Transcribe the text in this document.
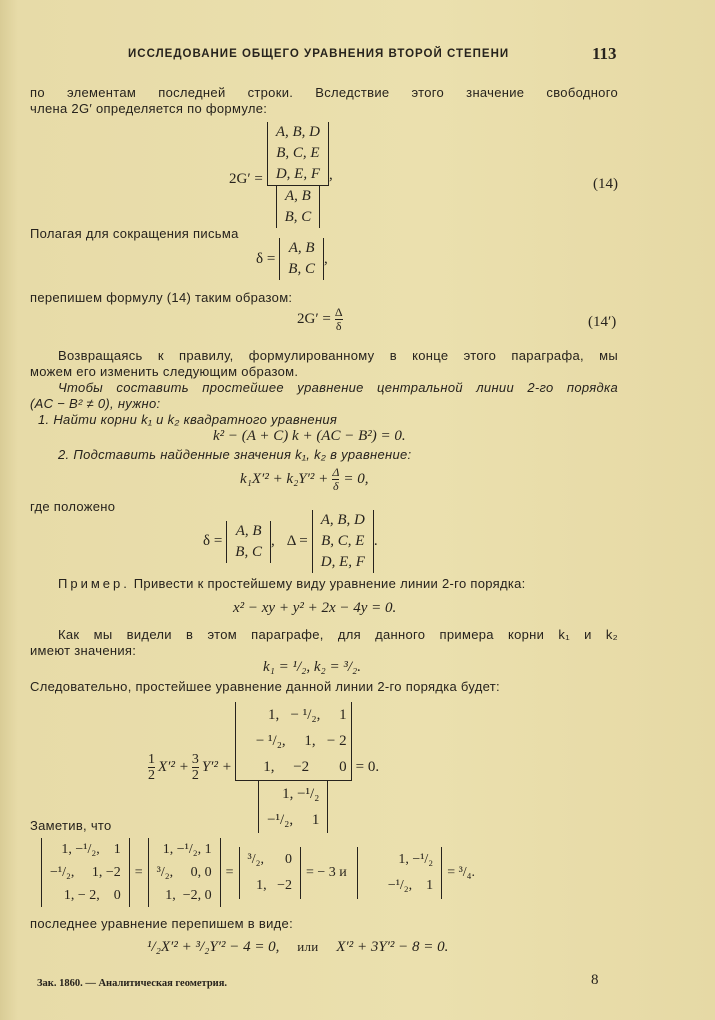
ИССЛЕДОВАНИЕ ОБЩЕГО УРАВНЕНИЯ ВТОРОЙ СТЕПЕНИ	113
по элементам последней строки. Вследствие этого значение свободного
члена 2G′ определяется по формуле:
2G′ = A, B, D
B, C, E
D, E, F
A, B
B, C ,
(14)
Полагая для сокращения письма
δ =
A, B
B, C
,
перепишем формулу (14) таким образом:
$2G' = \frac{\Delta}{\delta}$	(14′)
Возвращаясь к правилу, формулированному в конце этого параграфа, мы
можем его изменить следующим образом.
Чтобы составить простейшее уравнение центральной линии 2-го порядка
(AC − B² ≠ 0), нужно:
1. Найти корни k₁ и k₂ квадратного уравнения
k² − (A + C) k + (AC − B²) = 0.
2. Подставить найденные значения k₁, k₂ в уравнение:
$k_1X'^2 + k_2Y'^2 + \frac{\Delta}{\delta} = 0$,
где положено
δ =
A, B
B, C
, Δ =
A, B, D
B, C, E
D, E, F
.
Пример. Привести к простейшему виду уравнение линии 2-го порядка:
x² − xy + y² + 2x − 4y = 0.
Как мы видели в этом параграфе, для данного примера корни k₁ и k₂
имеют значения:
k₁ = ¹/₂, k₂ = ³/₂.
Следовательно, простейшее уравнение данной линии 2-го порядка будет:
$\frac{1}{2} X'^2 + \frac{3}{2} Y'^2$ +
1,   − ¹/₂,     1
− ¹/₂,     1,   − 2
1,     −2        0
1, −¹/₂
−¹/₂,     1
= 0.
Заметив, что
1, −¹/₂,    1
−¹/₂,     1, −2
1, − 2,    0
=
1, −¹/₂, 1
³/₂,     0, 0
1,  −2, 0
=
³/₂,      0
1,   −2
= − 3 и
1, −¹/₂
−¹/₂,    1
= ³/₄.
последнее уравнение перепишем в виде:
¹/₂X′² + ³/₂Y′² − 4 = 0, или X′² + 3Y′² − 8 = 0.
Зак. 1860. — Аналитическая геометрия.	8
